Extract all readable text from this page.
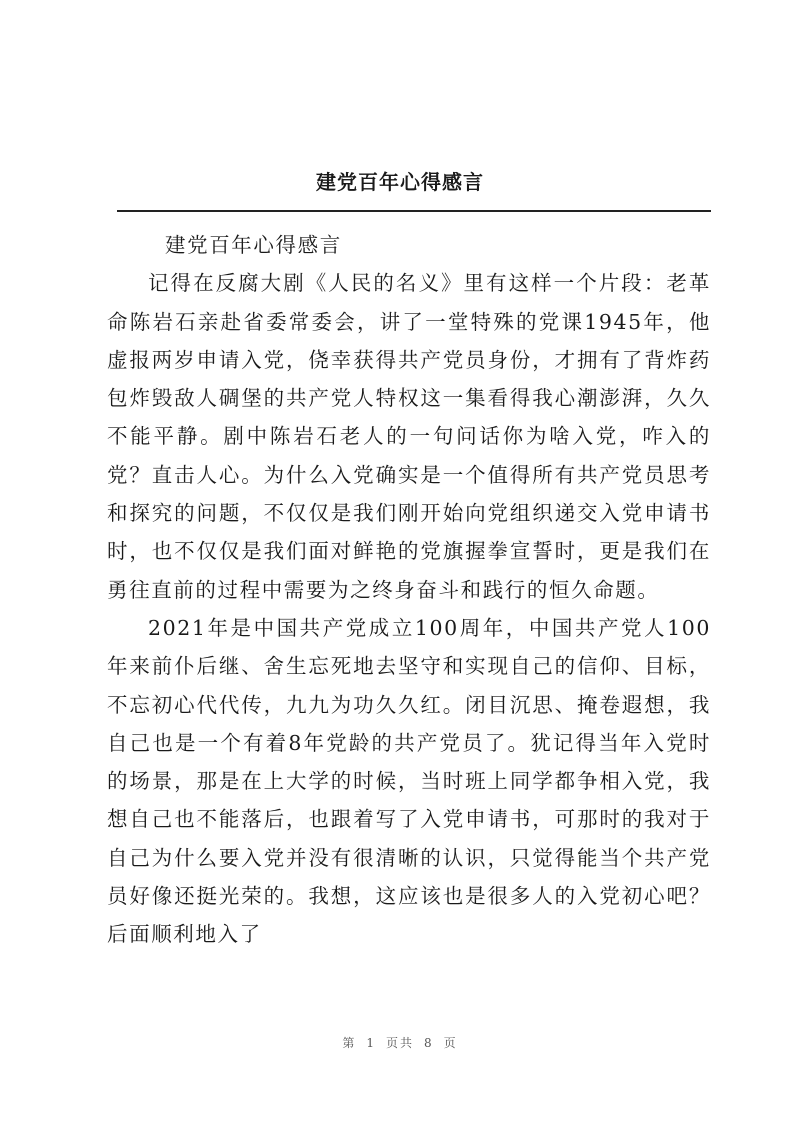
建党百年心得感言

建党百年心得感言

记得在反腐大剧《人民的名义》里有这样一个片段：老革命陈岩石亲赴省委常委会，讲了一堂特殊的党课1945年，他虚报两岁申请入党，侥幸获得共产党员身份，才拥有了背炸药包炸毁敌人碉堡的共产党人特权这一集看得我心潮澎湃，久久不能平静。剧中陈岩石老人的一句问话你为啥入党，咋入的党？直击人心。为什么入党确实是一个值得所有共产党员思考和探究的问题，不仅仅是我们刚开始向党组织递交入党申请书时，也不仅仅是我们面对鲜艳的党旗握拳宣誓时，更是我们在勇往直前的过程中需要为之终身奋斗和践行的恒久命题。

2021年是中国共产党成立100周年，中国共产党人100年来前仆后继、舍生忘死地去坚守和实现自己的信仰、目标，不忘初心代代传，九九为功久久红。闭目沉思、掩卷遐想，我自己也是一个有着8年党龄的共产党员了。犹记得当年入党时的场景，那是在上大学的时候，当时班上同学都争相入党，我想自己也不能落后，也跟着写了入党申请书，可那时的我对于自己为什么要入党并没有很清晰的认识，只觉得能当个共产党员好像还挺光荣的。我想，这应该也是很多人的入党初心吧？后面顺利地入了

第 1 页共 8 页
